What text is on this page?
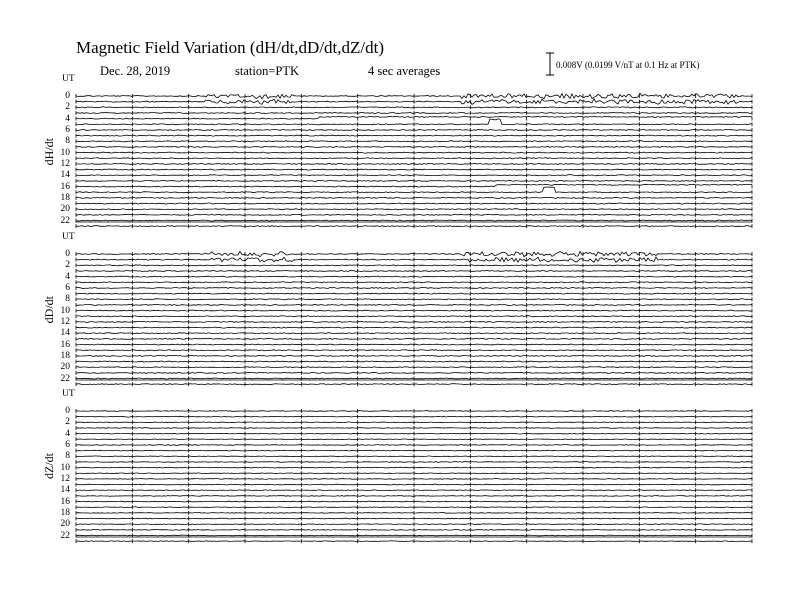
Magnetic Field Variation (dH/dt,dD/dt,dZ/dt)
Dec. 28, 2019	station=PTK	4 sec averages	0.008V (0.0199 V/nT at 0.1 Hz at PTK)
UT
dH/dt
0
2
4
6
8
10
12
14
16
18
20
22
UT
dD/dt
0
2
4
6
8
10
12
14
16
18
20
22
UT
dZ/dt
0
2
4
6
8
10
12
14
16
18
20
22
